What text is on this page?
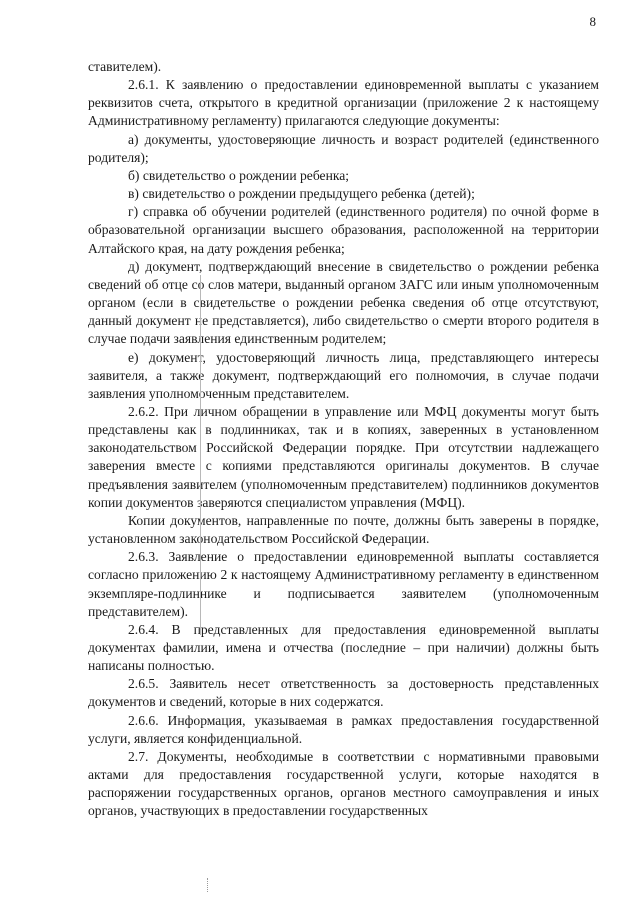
8

ставителем).

2.6.1. К заявлению о предоставлении единовременной выплаты с указанием реквизитов счета, открытого в кредитной организации (приложение 2 к настоящему Административному регламенту) прилагаются следующие документы:

а) документы, удостоверяющие личность и возраст родителей (единственного родителя);

б) свидетельство о рождении ребенка;

в) свидетельство о рождении предыдущего ребенка (детей);

г) справка об обучении родителей (единственного родителя) по очной форме в образовательной организации высшего образования, расположенной на территории Алтайского края, на дату рождения ребенка;

д) документ, подтверждающий внесение в свидетельство о рождении ребенка сведений об отце со слов матери, выданный органом ЗАГС или иным уполномоченным органом (если в свидетельстве о рождении ребенка сведения об отце отсутствуют, данный документ не представляется), либо свидетельство о смерти второго родителя в случае подачи заявления единственным родителем;

е) документ, удостоверяющий личность лица, представляющего интересы заявителя, а также документ, подтверждающий его полномочия, в случае подачи заявления уполномоченным представителем.

2.6.2. При личном обращении в управление или МФЦ документы могут быть представлены как в подлинниках, так и в копиях, заверенных в установленном законодательством Российской Федерации порядке. При отсутствии надлежащего заверения вместе с копиями представляются оригиналы документов. В случае предъявления заявителем (уполномоченным представителем) подлинников документов копии документов заверяются специалистом управления (МФЦ).

Копии документов, направленные по почте, должны быть заверены в порядке, установленном законодательством Российской Федерации.

2.6.3. Заявление о предоставлении единовременной выплаты составляется согласно приложению 2 к настоящему Административному регламенту в единственном экземпляре-подлиннике и подписывается заявителем (уполномоченным представителем).

2.6.4. В представленных для предоставления единовременной выплаты документах фамилии, имена и отчества (последние – при наличии) должны быть написаны полностью.

2.6.5. Заявитель несет ответственность за достоверность представленных документов и сведений, которые в них содержатся.

2.6.6. Информация, указываемая в рамках предоставления государственной услуги, является конфиденциальной.

2.7. Документы, необходимые в соответствии с нормативными правовыми актами для предоставления государственной услуги, которые находятся в распоряжении государственных органов, органов местного самоуправления и иных органов, участвующих в предоставлении государственных
